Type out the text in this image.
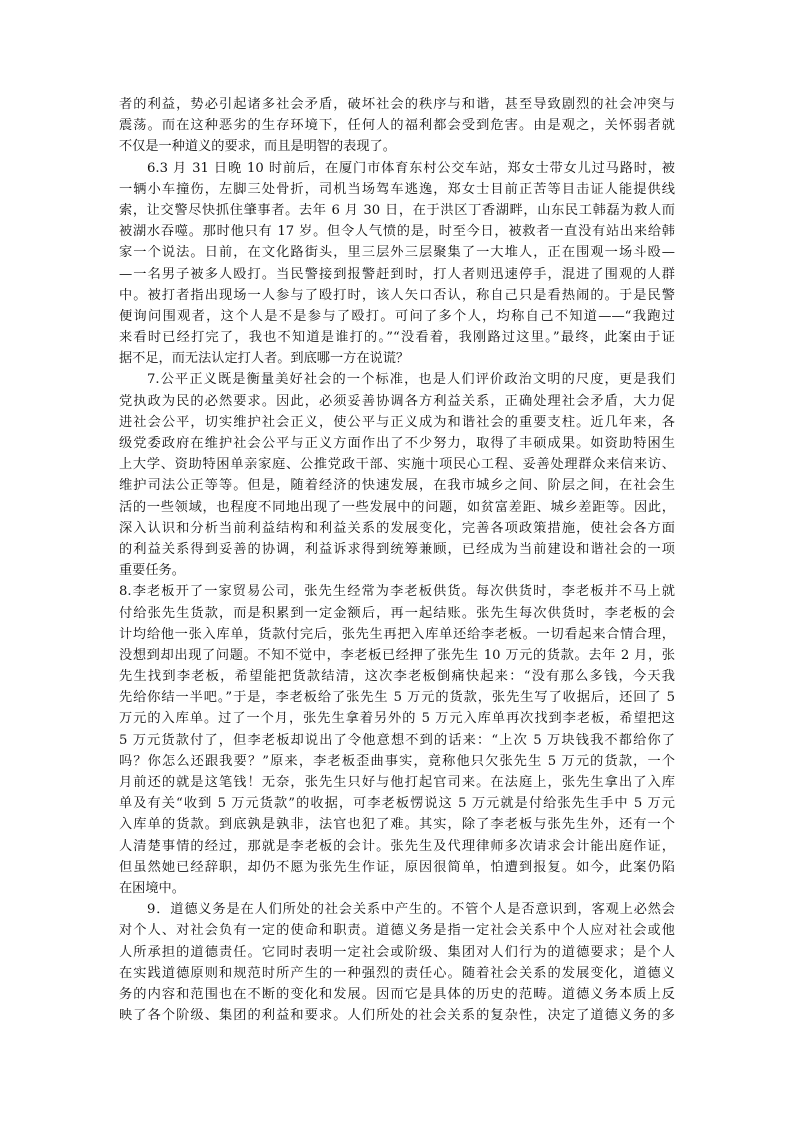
者的利益，势必引起诸多社会矛盾，破坏社会的秩序与和谐，甚至导致剧烈的社会冲突与
震荡。而在这种恶劣的生存环境下，任何人的福利都会受到危害。由是观之，关怀弱者就
不仅是一种道义的要求，而且是明智的表现了。
6.3 月 31 日晚 10 时前后，在厦门市体育东村公交车站，郑女士带女儿过马路时，被
一辆小车撞伤，左脚三处骨折，司机当场驾车逃逸，郑女士目前正苦等目击证人能提供线
索，让交警尽快抓住肇事者。去年 6 月 30 日，在于洪区丁香湖畔，山东民工韩磊为救人而
被湖水吞噬。那时他只有 17 岁。但令人气愤的是，时至今日，被救者一直没有站出来给韩
家一个说法。日前，在文化路街头，里三层外三层聚集了一大堆人，正在围观一场斗殴—
—一名男子被多人殴打。当民警接到报警赶到时，打人者则迅速停手，混进了围观的人群
中。被打者指出现场一人参与了殴打时，该人矢口否认，称自己只是看热闹的。于是民警
便询问围观者，这个人是不是参与了殴打。可问了多个人，均称自己不知道——“我跑过
来看时已经打完了，我也不知道是谁打的。”“没看着，我刚路过这里。”最终，此案由于证
据不足，而无法认定打人者。到底哪一方在说谎？
7.公平正义既是衡量美好社会的一个标准，也是人们评价政治文明的尺度，更是我们
党执政为民的必然要求。因此，必须妥善协调各方利益关系，正确处理社会矛盾，大力促
进社会公平，切实维护社会正义，使公平与正义成为和谐社会的重要支柱。近几年来，各
级党委政府在维护社会公平与正义方面作出了不少努力，取得了丰硕成果。如资助特困生
上大学、资助特困单亲家庭、公推党政干部、实施十项民心工程、妥善处理群众来信来访、
维护司法公正等等。但是，随着经济的快速发展，在我市城乡之间、阶层之间，在社会生
活的一些领域，也程度不同地出现了一些发展中的问题，如贫富差距、城乡差距等。因此，
深入认识和分析当前利益结构和利益关系的发展变化，完善各项政策措施，使社会各方面
的利益关系得到妥善的协调，利益诉求得到统筹兼顾，已经成为当前建设和谐社会的一项
重要任务。
8.李老板开了一家贸易公司，张先生经常为李老板供货。每次供货时，李老板并不马上就
付给张先生货款，而是积累到一定金额后，再一起结账。张先生每次供货时，李老板的会
计均给他一张入库单，货款付完后，张先生再把入库单还给李老板。一切看起来合情合理，
没想到却出现了问题。不知不觉中，李老板已经押了张先生 10 万元的货款。去年 2 月，张
先生找到李老板，希望能把货款结清，这次李老板倒痛快起来：“没有那么多钱，今天我
先给你结一半吧。”于是，李老板给了张先生 5 万元的货款，张先生写了收据后，还回了 5
万元的入库单。过了一个月，张先生拿着另外的 5 万元入库单再次找到李老板，希望把这
5 万元货款付了，但李老板却说出了令他意想不到的话来：“上次 5 万块钱我不都给你了
吗？你怎么还跟我要？”原来，李老板歪曲事实，竟称他只欠张先生 5 万元的货款，一个
月前还的就是这笔钱！无奈，张先生只好与他打起官司来。在法庭上，张先生拿出了入库
单及有关“收到 5 万元货款”的收据，可李老板愣说这 5 万元就是付给张先生手中 5 万元
入库单的货款。到底孰是孰非，法官也犯了难。其实，除了李老板与张先生外，还有一个
人清楚事情的经过，那就是李老板的会计。张先生及代理律师多次请求会计能出庭作证，
但虽然她已经辞职，却仍不愿为张先生作证，原因很简单，怕遭到报复。如今，此案仍陷
在困境中。
9．道德义务是在人们所处的社会关系中产生的。不管个人是否意识到，客观上必然会
对个人、对社会负有一定的使命和职责。道德义务是指一定社会关系中个人应对社会或他
人所承担的道德责任。它同时表明一定社会或阶级、集团对人们行为的道德要求；是个人
在实践道德原则和规范时所产生的一种强烈的责任心。随着社会关系的发展变化，道德义
务的内容和范围也在不断的变化和发展。因而它是具体的历史的范畴。道德义务本质上反
映了各个阶级、集团的利益和要求。人们所处的社会关系的复杂性，决定了道德义务的多
